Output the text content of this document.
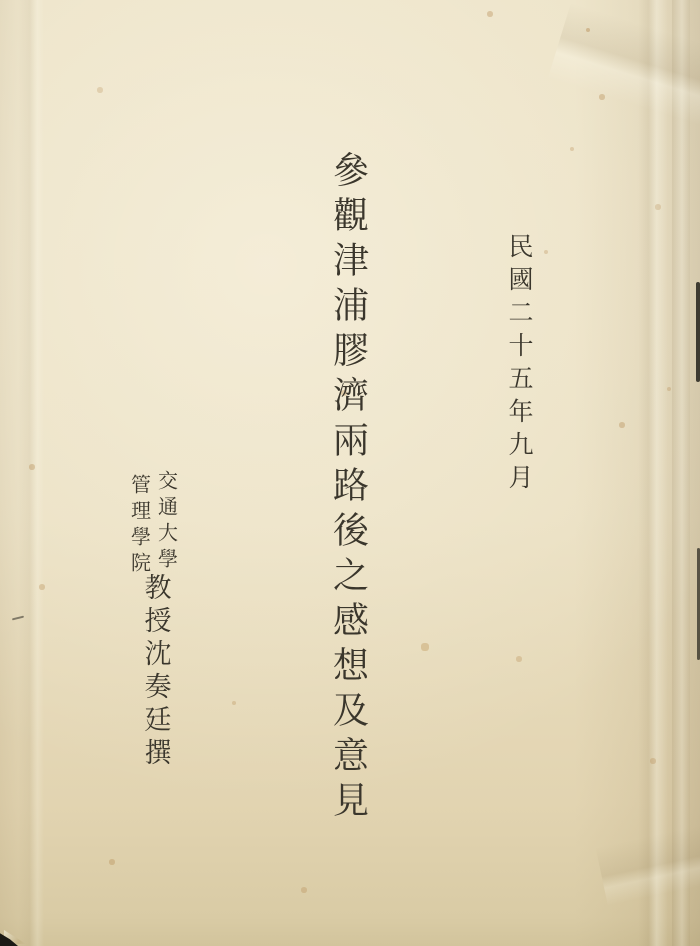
民國二十五年九月
參觀津浦膠濟兩路後之感想及意見
交通大學
管理學院
教授沈奏廷撰
